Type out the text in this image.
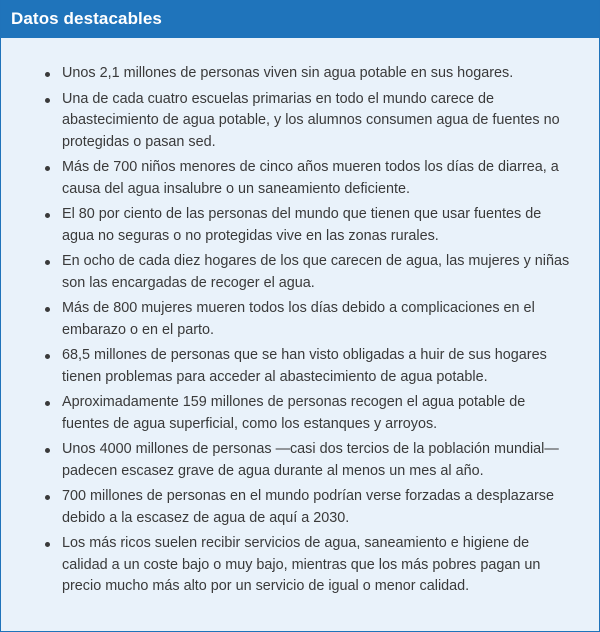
Datos destacables
Unos 2,1 millones de personas viven sin agua potable en sus hogares.
Una de cada cuatro escuelas primarias en todo el mundo carece de abastecimiento de agua potable, y los alumnos consumen agua de fuentes no protegidas o pasan sed.
Más de 700 niños menores de cinco años mueren todos los días de diarrea, a causa del agua insalubre o un saneamiento deficiente.
El 80 por ciento de las personas del mundo que tienen que usar fuentes de agua no seguras o no protegidas vive en las zonas rurales.
En ocho de cada diez hogares de los que carecen de agua, las mujeres y niñas son las encargadas de recoger el agua.
Más de 800 mujeres mueren todos los días debido a complicaciones en el embarazo o en el parto.
68,5 millones de personas que se han visto obligadas a huir de sus hogares tienen problemas para acceder al abastecimiento de agua potable.
Aproximadamente 159 millones de personas recogen el agua potable de fuentes de agua superficial, como los estanques y arroyos.
Unos 4000 millones de personas —casi dos tercios de la población mundial— padecen escasez grave de agua durante al menos un mes al año.
700 millones de personas en el mundo podrían verse forzadas a desplazarse debido a la escasez de agua de aquí a 2030.
Los más ricos suelen recibir servicios de agua, saneamiento e higiene de calidad a un coste bajo o muy bajo, mientras que los más pobres pagan un precio mucho más alto por un servicio de igual o menor calidad.
